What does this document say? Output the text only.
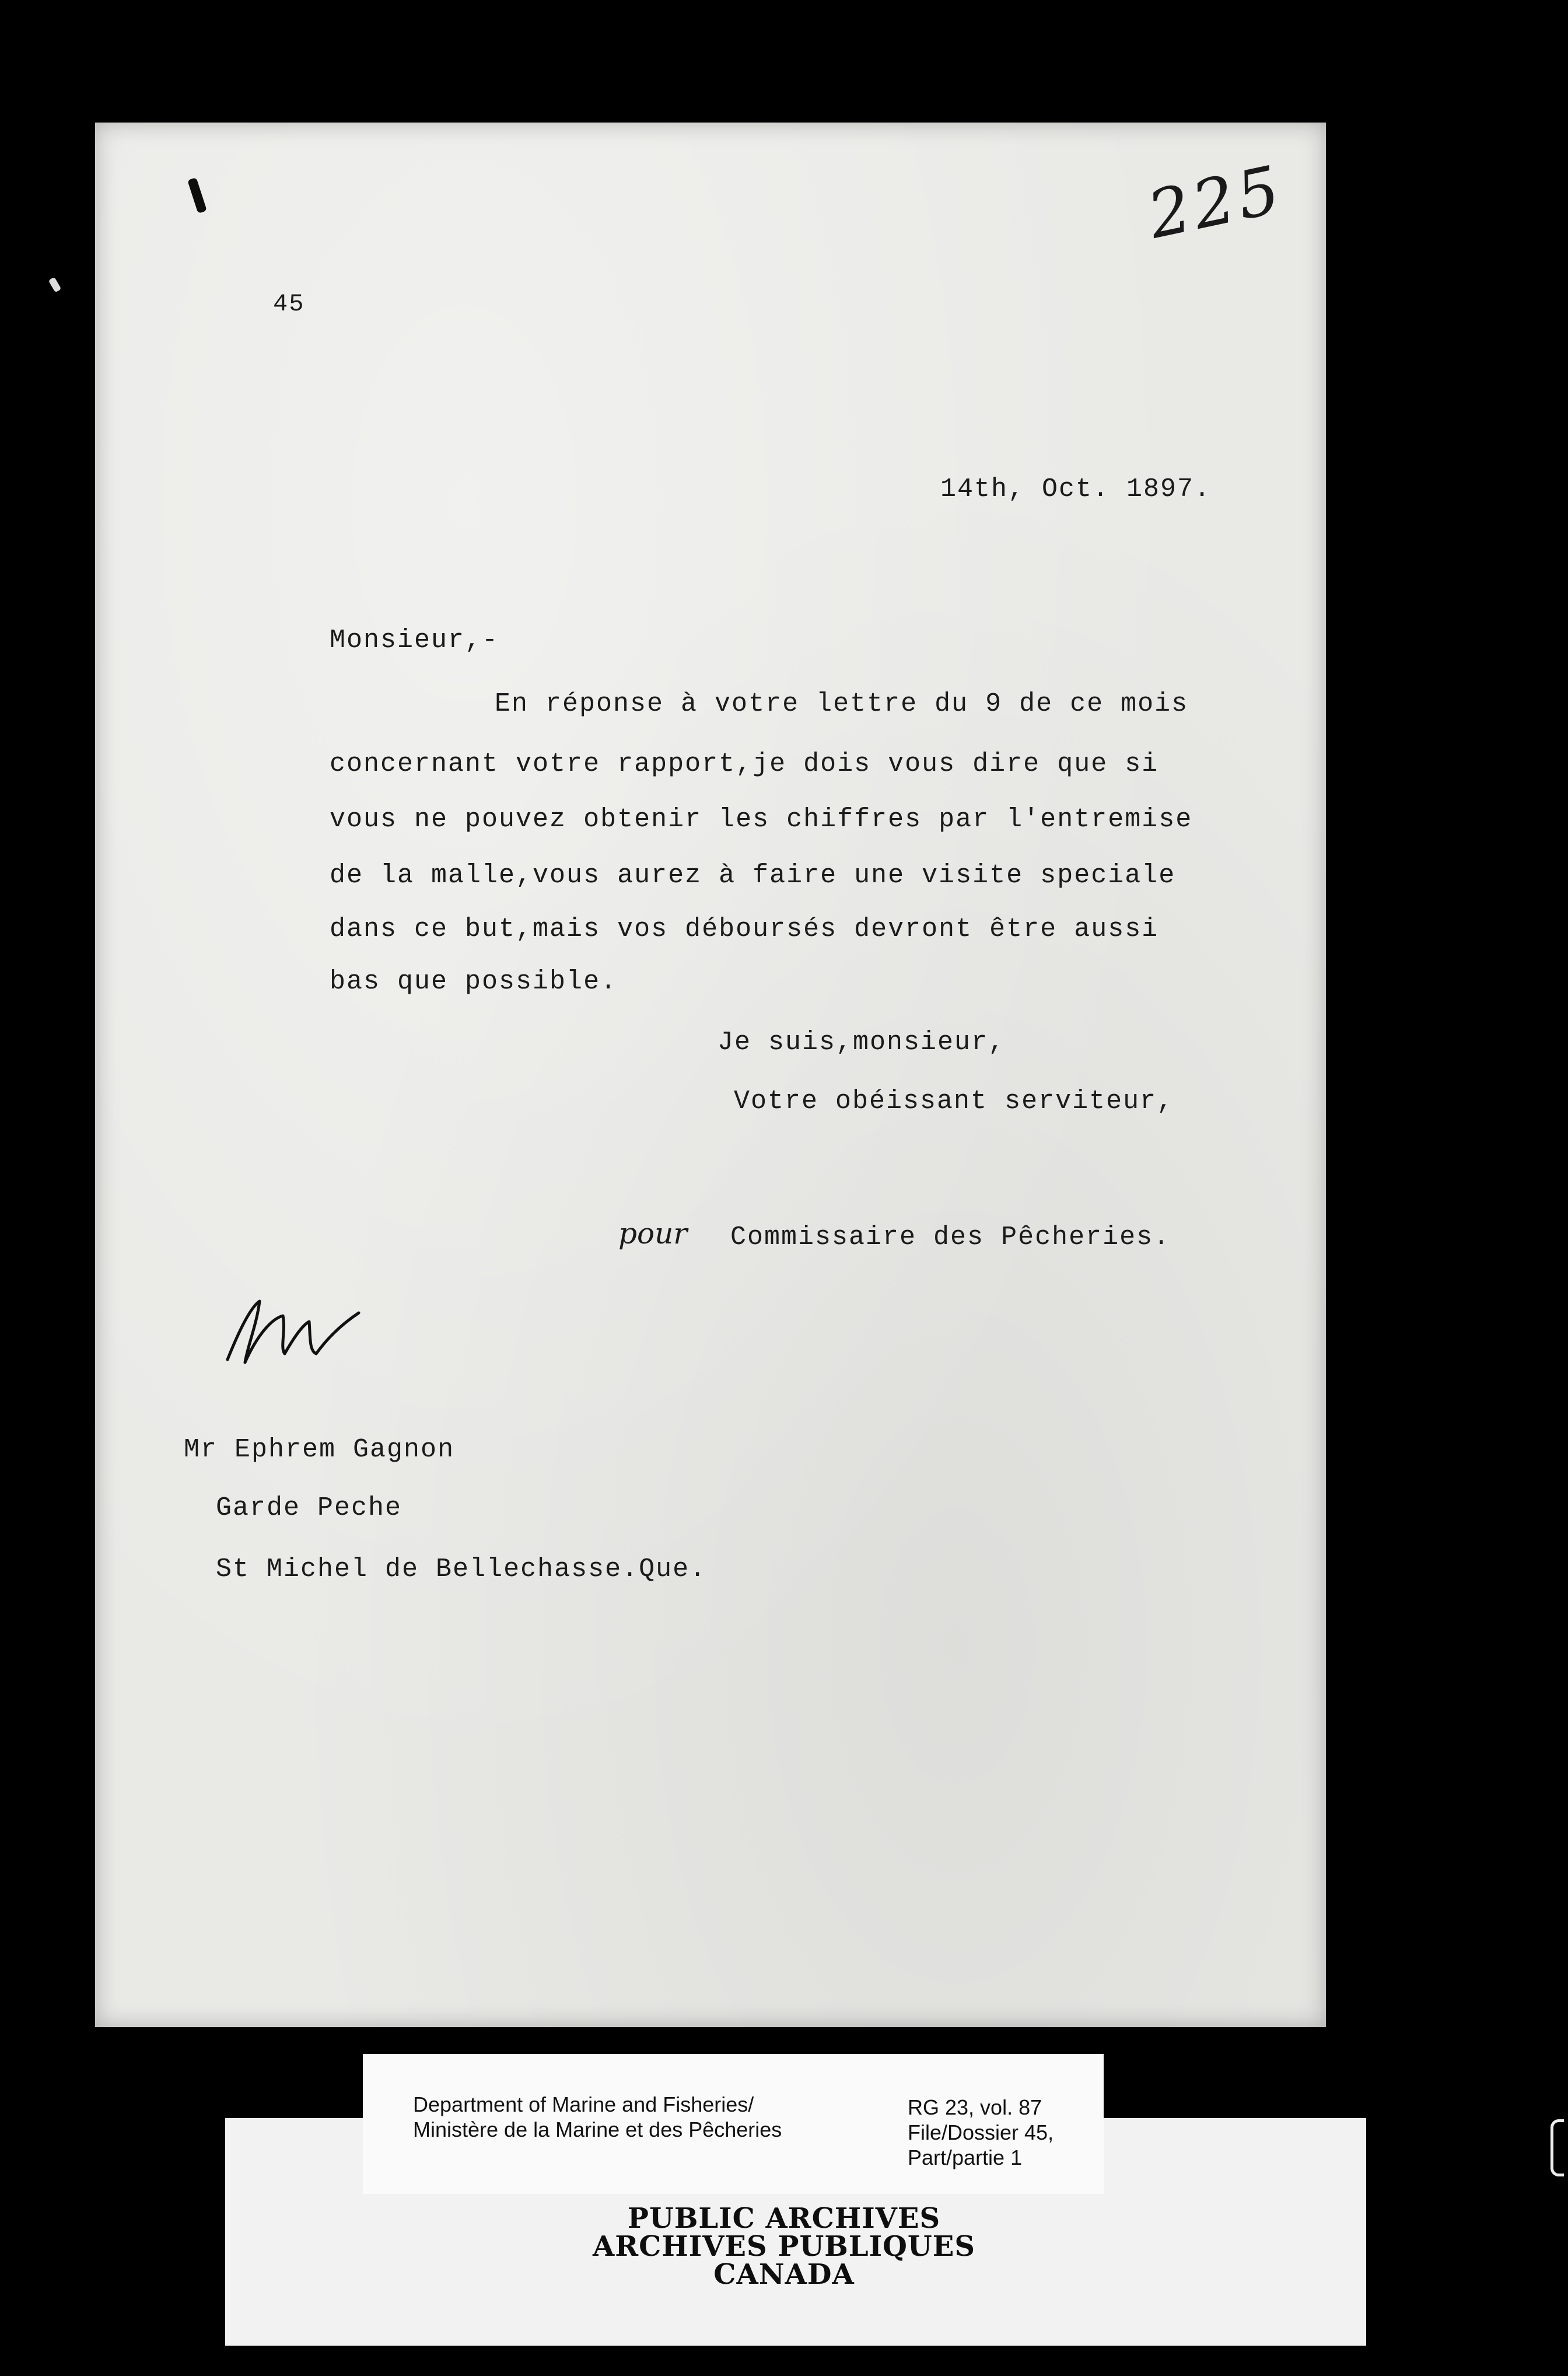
225
45
14th, Oct. 1897.
Monsieur,-
En réponse à votre lettre du 9 de ce mois
concernant votre rapport,je dois vous dire que si
vous ne pouvez obtenir les chiffres par l'entremise
de la malle,vous aurez à faire une visite speciale
dans ce but,mais vos déboursés devront être aussi
bas que possible.
Je suis,monsieur,
Votre obéissant serviteur,
pour Commissaire des Pêcheries.
Mr Ephrem Gagnon
Garde Peche
St Michel de Bellechasse.Que.
Department of Marine and Fisheries/
Ministère de la Marine et des Pêcheries
RG 23, vol. 87
File/Dossier 45,
Part/partie 1
PUBLIC ARCHIVES
ARCHIVES PUBLIQUES
CANADA
